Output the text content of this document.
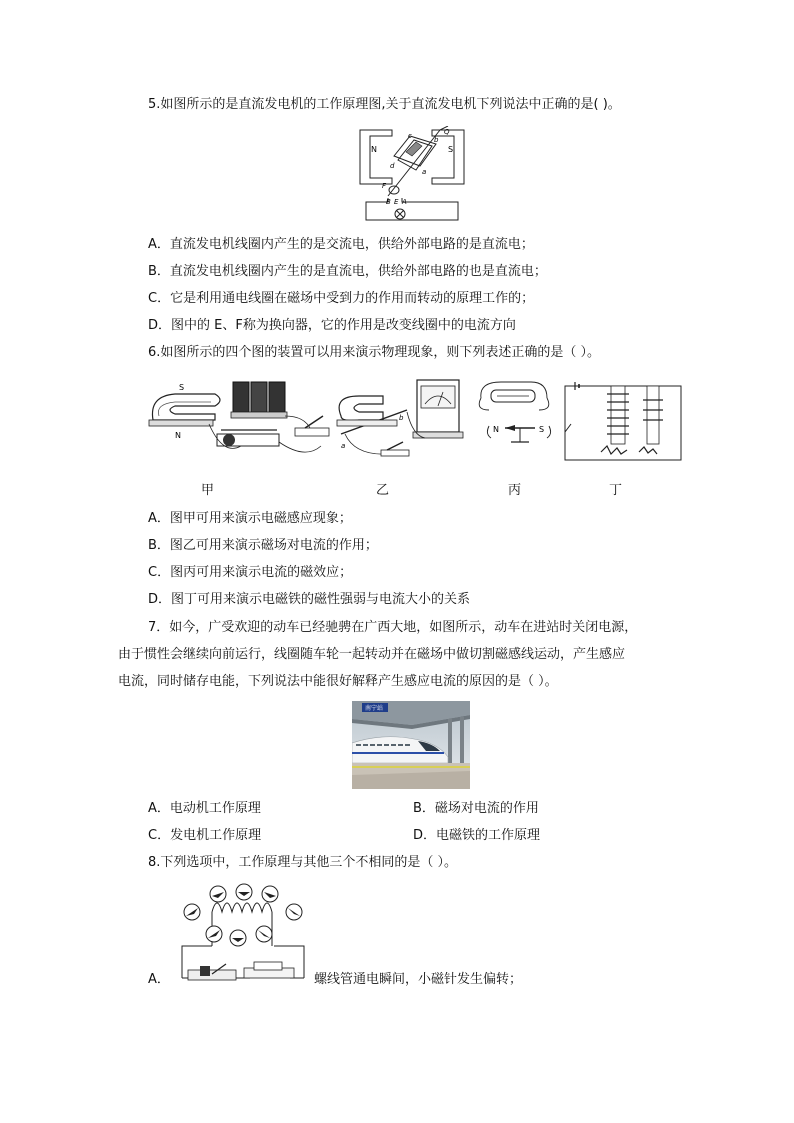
5.如图所示的是直流发电机的工作原理图,关于直流发电机下列说法中正确的是( )。
N	S
Q
c	b
d
a
F
B E A
A．直流发电机线圈内产生的是交流电，供给外部电路的是直流电；
B．直流发电机线圈内产生的是直流电，供给外部电路的也是直流电；
C．它是利用通电线圈在磁场中受到力的作用而转动的原理工作的；
D．图中的 E、F称为换向器，它的作用是改变线圈中的电流方向
6.如图所示的四个图的装置可以用来演示物理现象，则下列表述正确的是（ ）。
S
N
a
b
N	S
甲	乙	丙	丁
A．图甲可用来演示电磁感应现象；
B．图乙可用来演示磁场对电流的作用；
C．图丙可用来演示电流的磁效应；
D．图丁可用来演示电磁铁的磁性强弱与电流大小的关系
7．如今，广受欢迎的动车已经驰骋在广西大地，如图所示，动车在进站时关闭电源，
由于惯性会继续向前运行，线圈随车轮一起转动并在磁场中做切割磁感线运动，产生感应
电流，同时储存电能，下列说法中能很好解释产生感应电流的原因的是（ ）。
南宁站
A．电动机工作原理	B．磁场对电流的作用
C．发电机工作原理	D．电磁铁的工作原理
8.下列选项中，工作原理与其他三个不相同的是（ ）。
A．	螺线管通电瞬间，小磁针发生偏转；
